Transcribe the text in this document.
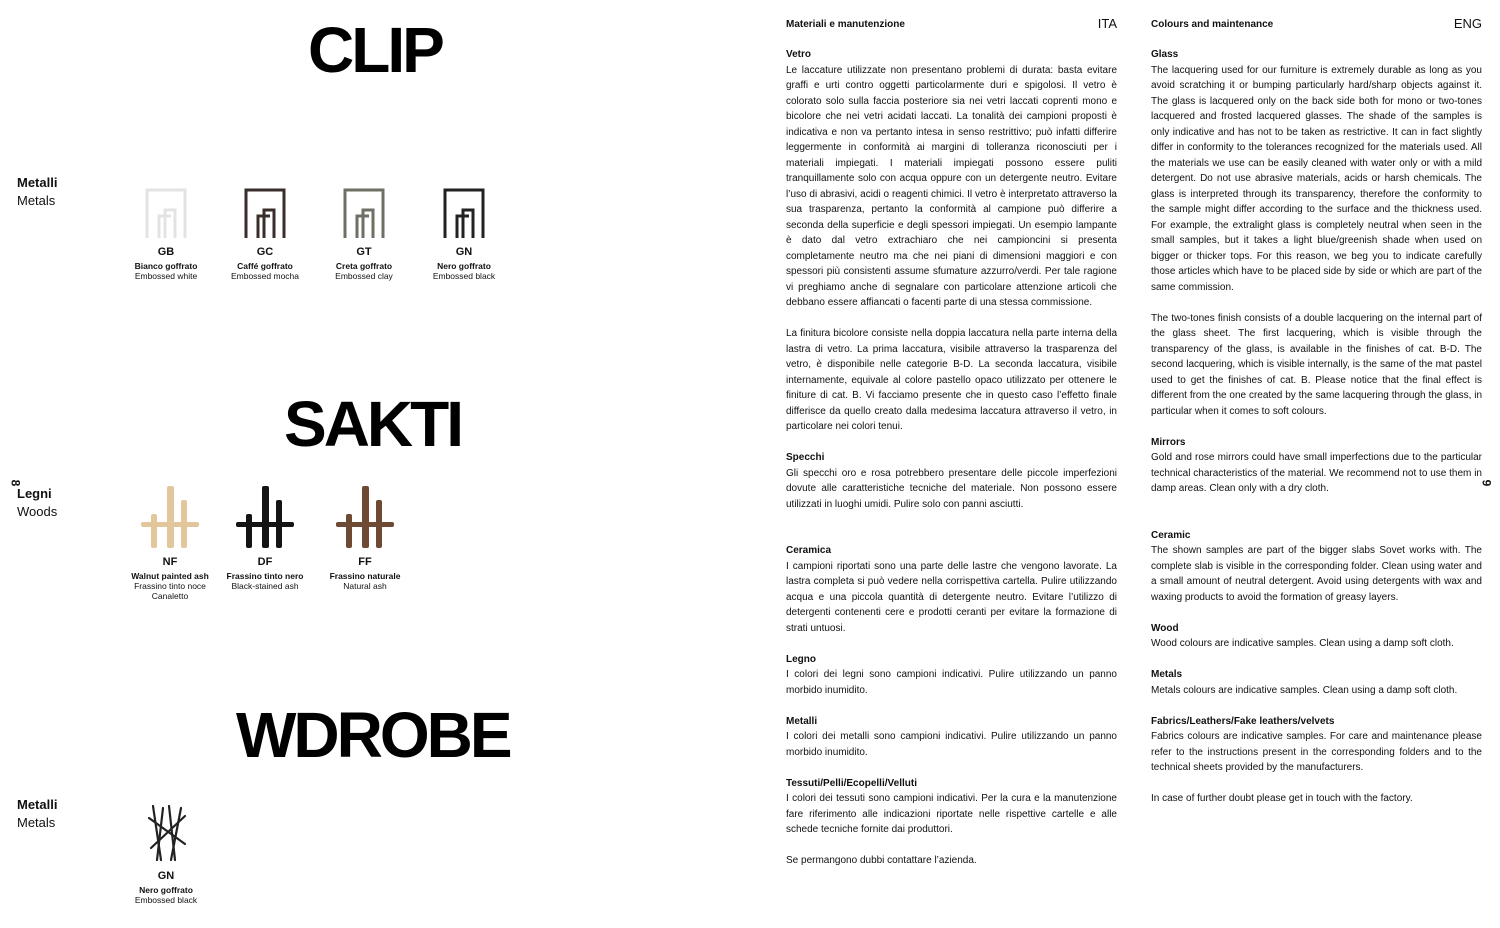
8
CLIP
Metalli
Metals
GB
Bianco goffrato
Embossed white
GC
Caffé goffrato
Embossed mocha
GT
Creta goffrato
Embossed clay
GN
Nero goffrato
Embossed black
SAKTI
Legni
Woods
NF
Walnut painted ash
Frassino tinto noce
Canaletto
DF
Frassino tinto nero
Black-stained ash
FF
Frassino naturale
Natural ash
WDROBE
Metalli
Metals
GN
Nero goffrato
Embossed black
9
Materiali e manutenzione	ITA
Vetro
Le laccature utilizzate non presentano problemi di durata: basta evitare graffi e urti contro oggetti particolarmente duri e spigolosi. Il vetro è colorato solo sulla faccia posteriore sia nei vetri laccati coprenti mono e bicolore che nei vetri acidati laccati. La tonalità dei campioni proposti è indicativa e non va pertanto intesa in senso restrittivo; può infatti differire leggermente in conformità ai margini di tolleranza riconosciuti per i materiali impiegati. I materiali impiegati possono essere puliti tranquillamente solo con acqua oppure con un detergente neutro. Evitare l’uso di abrasivi, acidi o reagenti chimici. Il vetro è interpretato attraverso la sua trasparenza, pertanto la conformità al campione può differire a seconda della superficie e degli spessori impiegati. Un esempio lampante è dato dal vetro extrachiaro che nei campioncini si presenta completamente neutro ma che nei piani di dimensioni maggiori e con spessori più consistenti assume sfumature azzurro/verdi. Per tale ragione vi preghiamo anche di segnalare con particolare attenzione articoli che debbano essere affiancati o facenti parte di una stessa commissione.
La finitura bicolore consiste nella doppia laccatura nella parte interna della lastra di vetro. La prima laccatura, visibile attraverso la trasparenza del vetro, è disponibile nelle categorie B-D. La seconda laccatura, visibile internamente, equivale al colore pastello opaco utilizzato per ottenere le finiture di cat. B. Vi facciamo presente che in questo caso l’effetto finale differisce da quello creato dalla medesima laccatura attraverso il vetro, in particolare nei colori tenui.
Specchi
Gli specchi oro e rosa potrebbero presentare delle piccole imperfezioni dovute alle caratteristiche tecniche del materiale. Non possono essere utilizzati in luoghi umidi. Pulire solo con panni asciutti.
Ceramica
I campioni riportati sono una parte delle lastre che vengono lavorate. La lastra completa si può vedere nella corrispettiva cartella. Pulire utilizzando acqua e una piccola quantità di detergente neutro. Evitare l’utilizzo di detergenti contenenti cere e prodotti ceranti per evitare la formazione di strati untuosi.
Legno
I colori dei legni sono campioni indicativi. Pulire utilizzando un panno morbido inumidito.
Metalli
I colori dei metalli sono campioni indicativi. Pulire utilizzando un panno morbido inumidito.
Tessuti/Pelli/Ecopelli/Velluti
I colori dei tessuti sono campioni indicativi. Per la cura e la manutenzione fare riferimento alle indicazioni riportate nelle rispettive cartelle e alle schede tecniche fornite dai produttori.
Se permangono dubbi contattare l’azienda.
Colours and maintenance	ENG
Glass
The lacquering used for our furniture is extremely durable as long as you avoid scratching it or bumping particularly hard/sharp objects against it. The glass is lacquered only on the back side both for mono or two-tones lacquered and frosted lacquered glasses. The shade of the samples is only indicative and has not to be taken as restrictive. It can in fact slightly differ in conformity to the tolerances recognized for the materials used. All the materials we use can be easily cleaned with water only or with a mild detergent. Do not use abrasive materials, acids or harsh chemicals. The glass is interpreted through its transparency, therefore the conformity to the sample might differ according to the surface and the thickness used. For example, the extralight glass is completely neutral when seen in the small samples, but it takes a light blue/greenish shade when used on bigger or thicker tops. For this reason, we beg you to indicate carefully those articles which have to be placed side by side or which are part of the same commission.
The two-tones finish consists of a double lacquering on the internal part of the glass sheet. The first lacquering, which is visible through the transparency of the glass, is available in the finishes of cat. B-D. The second lacquering, which is visible internally, is the same of the mat pastel used to get the finishes of cat. B. Please notice that the final effect is different from the one created by the same lacquering through the glass, in particular when it comes to soft colours.
Mirrors
Gold and rose mirrors could have small imperfections due to the particular technical characteristics of the material. We recommend not to use them in damp areas. Clean only with a dry cloth.
Ceramic
The shown samples are part of the bigger slabs Sovet works with. The complete slab is visible in the corresponding folder. Clean using water and a small amount of neutral detergent. Avoid using detergents with wax and waxing products to avoid the formation of greasy layers.
Wood
Wood colours are indicative samples. Clean using a damp soft cloth.
Metals
Metals colours are indicative samples. Clean using a damp soft cloth.
Fabrics/Leathers/Fake leathers/velvets
Fabrics colours are indicative samples. For care and maintenance please refer to the instructions present in the corresponding folders and to the technical sheets provided by the manufacturers.
In case of further doubt please get in touch with the factory.
